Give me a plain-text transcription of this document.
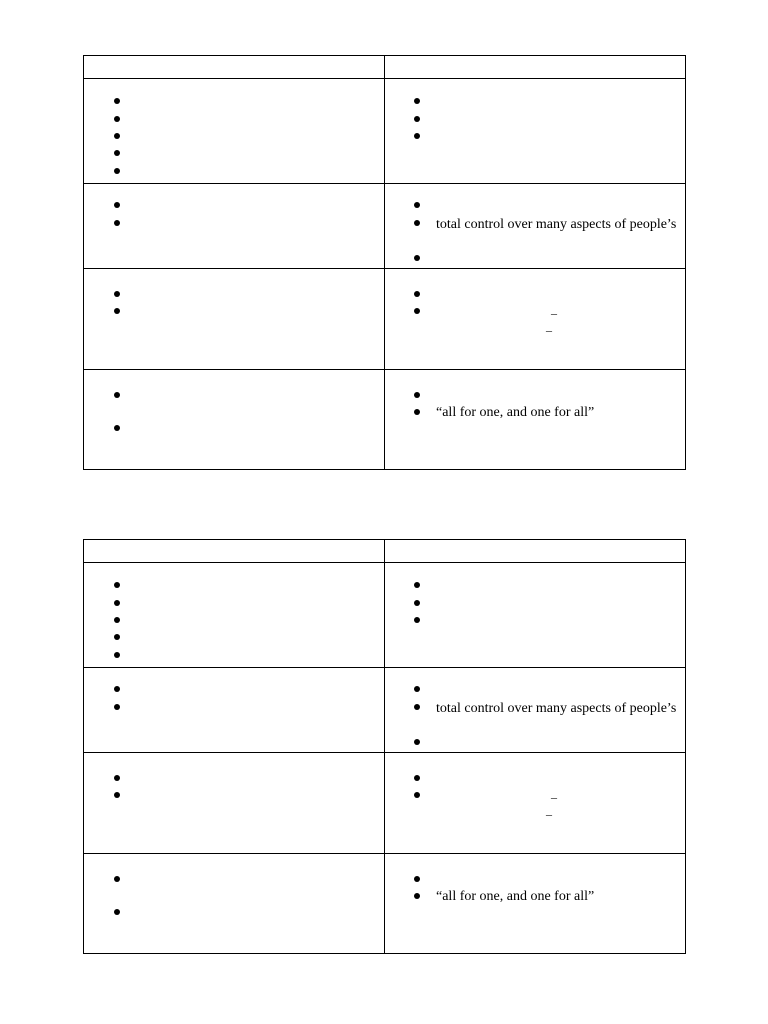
total control over many aspects of people’s
_
_
“all for one, and one for all”
total control over many aspects of people’s
_
_
“all for one, and one for all”
